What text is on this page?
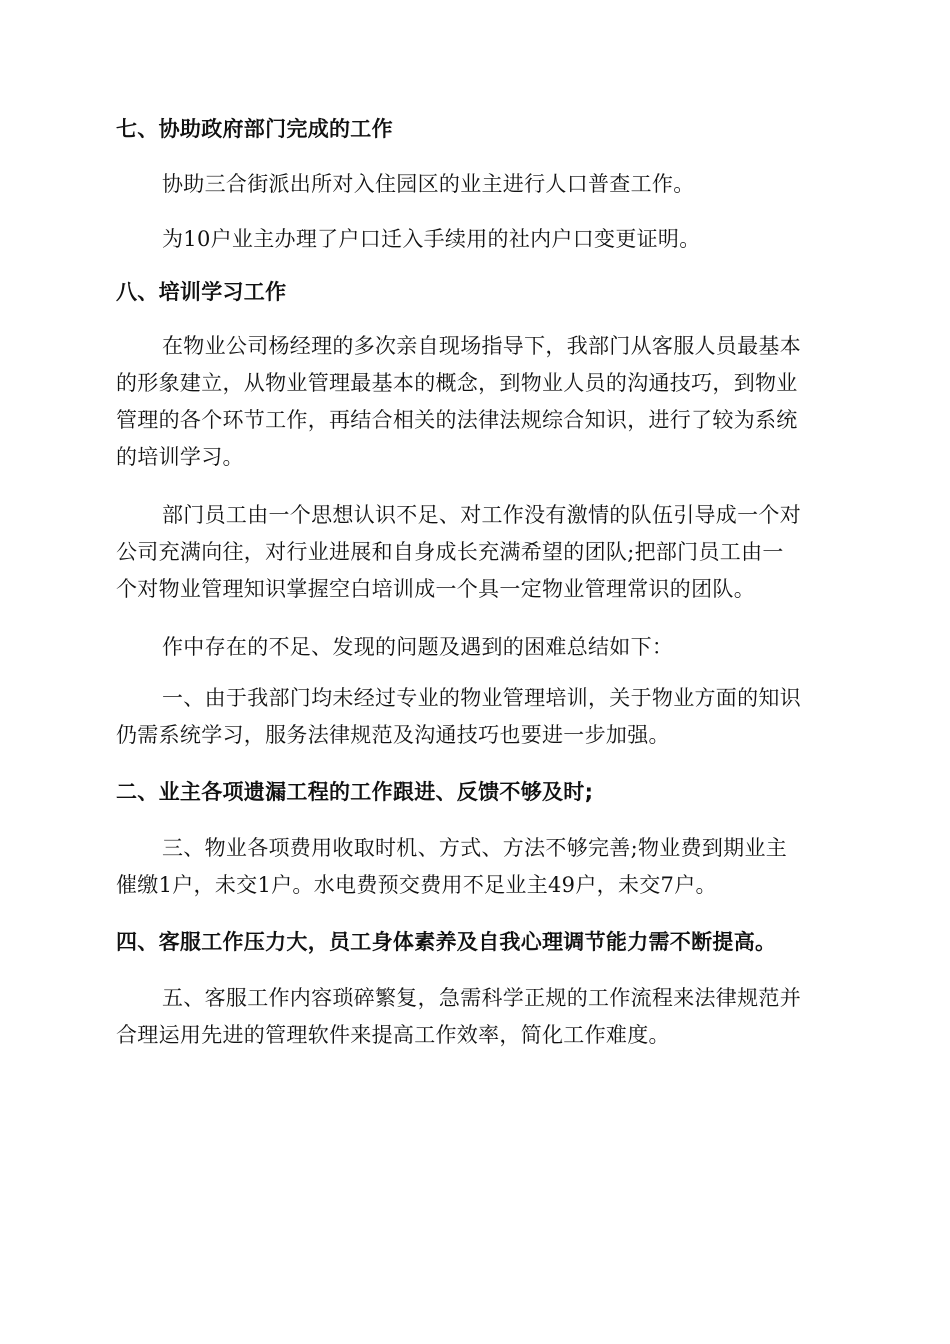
七、协助政府部门完成的工作
协助三合街派出所对入住园区的业主进行人口普查工作。
为10户业主办理了户口迁入手续用的社内户口变更证明。
八、培训学习工作
在物业公司杨经理的多次亲自现场指导下，我部门从客服人员最基本
的形象建立，从物业管理最基本的概念，到物业人员的沟通技巧，到物业
管理的各个环节工作，再结合相关的法律法规综合知识，进行了较为系统
的培训学习。
部门员工由一个思想认识不足、对工作没有激情的队伍引导成一个对
公司充满向往，对行业进展和自身成长充满希望的团队;把部门员工由一
个对物业管理知识掌握空白培训成一个具一定物业管理常识的团队。
作中存在的不足、发现的问题及遇到的困难总结如下：
一、由于我部门均未经过专业的物业管理培训，关于物业方面的知识
仍需系统学习，服务法律规范及沟通技巧也要进一步加强。
二、业主各项遗漏工程的工作跟进、反馈不够及时;
三、物业各项费用收取时机、方式、方法不够完善;物业费到期业主
催缴1户，未交1户。水电费预交费用不足业主49户，未交7户。
四、客服工作压力大，员工身体素养及自我心理调节能力需不断提高。
五、客服工作内容琐碎繁复，急需科学正规的工作流程来法律规范并
合理运用先进的管理软件来提高工作效率，简化工作难度。
